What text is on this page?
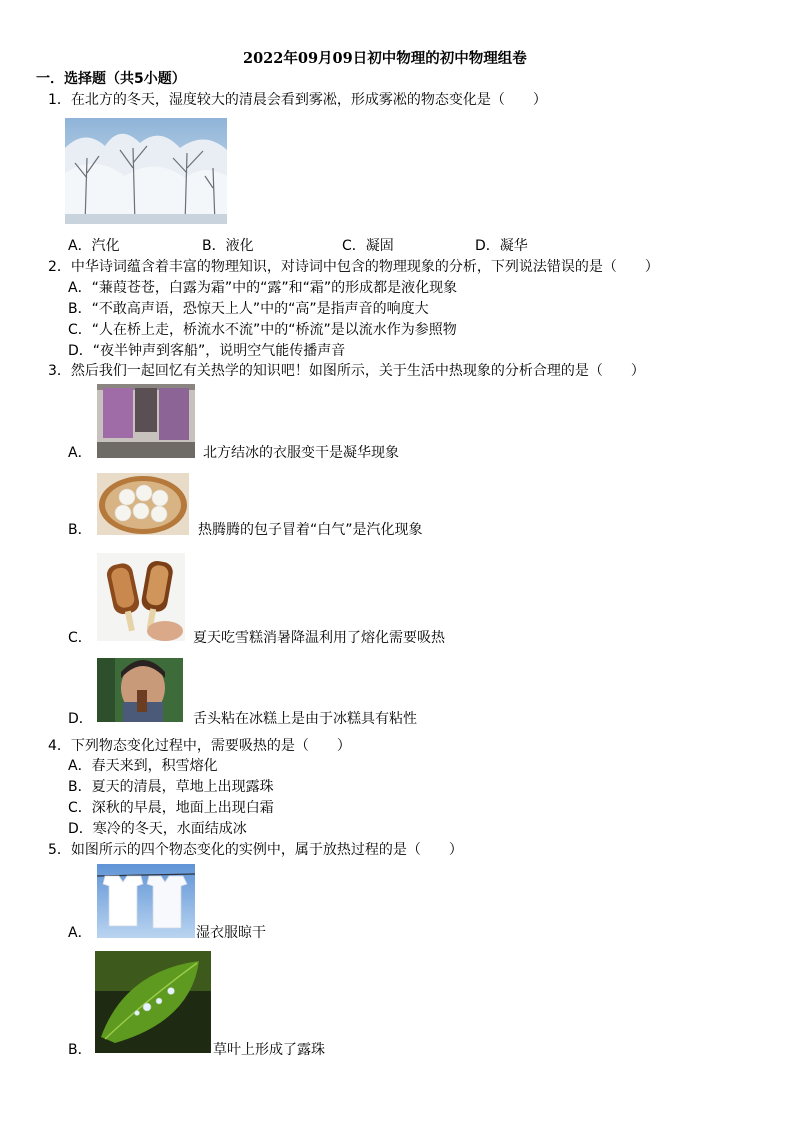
2022年09月09日初中物理的初中物理组卷
一．选择题（共5小题）
1．在北方的冬天，湿度较大的清晨会看到雾凇，形成雾凇的物态变化是（　　）
A．汽化	B．液化	C．凝固	D．凝华
2．中华诗词蕴含着丰富的物理知识，对诗词中包含的物理现象的分析，下列说法错误的是（　　）
A．“蒹葭苍苍，白露为霜”中的“露”和“霜”的形成都是液化现象
B．“不敢高声语，恐惊天上人”中的“高”是指声音的响度大
C．“人在桥上走，桥流水不流”中的“桥流”是以流水作为参照物
D．“夜半钟声到客船”，说明空气能传播声音
3．然后我们一起回忆有关热学的知识吧！如图所示，关于生活中热现象的分析合理的是（　　）
A．	北方结冰的衣服变干是凝华现象
B．	热腾腾的包子冒着“白气”是汽化现象
C．	夏天吃雪糕消暑降温利用了熔化需要吸热
D．	舌头粘在冰糕上是由于冰糕具有粘性
4．下列物态变化过程中，需要吸热的是（　　）
A．春天来到，积雪熔化
B．夏天的清晨，草地上出现露珠
C．深秋的早晨，地面上出现白霜
D．寒冷的冬天，水面结成冰
5．如图所示的四个物态变化的实例中，属于放热过程的是（　　）
A．	湿衣服晾干
B．	草叶上形成了露珠
